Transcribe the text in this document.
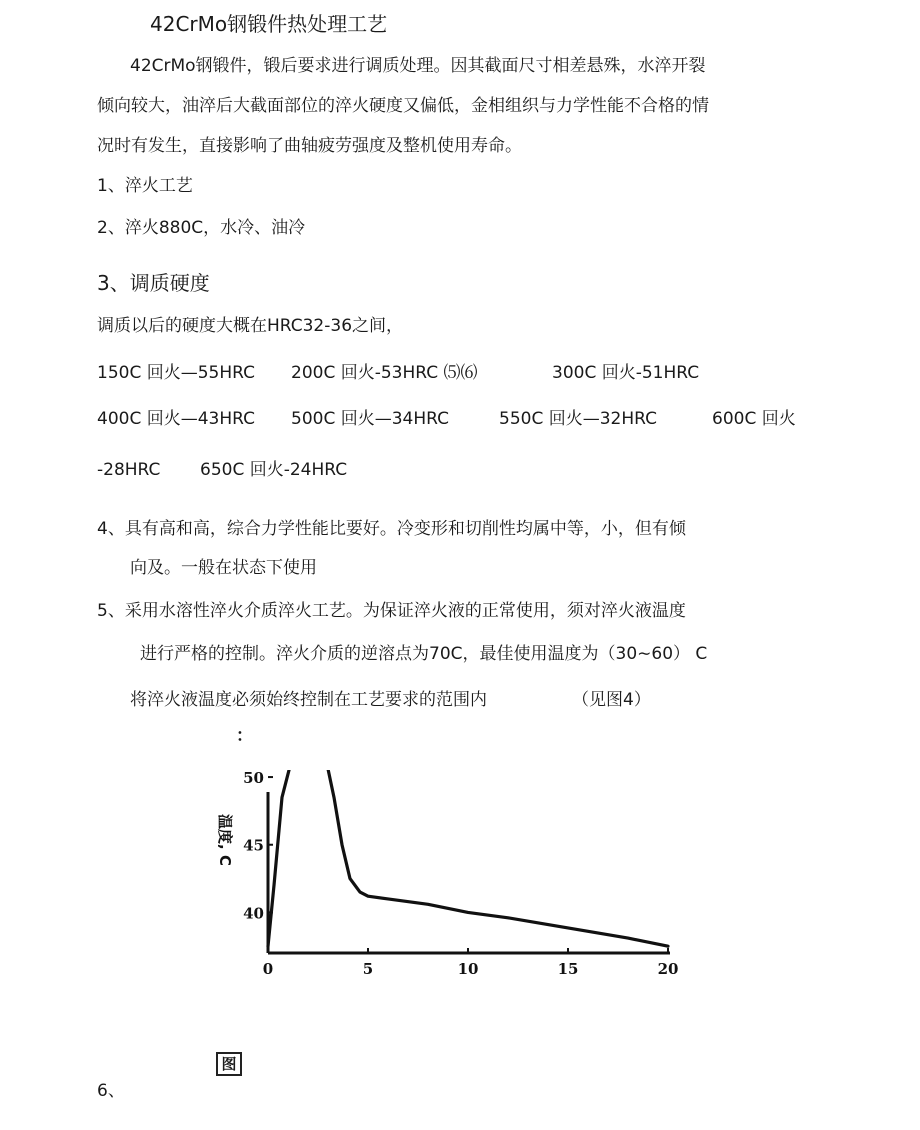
42CrMo钢锻件热处理工艺
42CrMo钢锻件，锻后要求进行调质处理。因其截面尺寸相差悬殊，水淬开裂
倾向较大，油淬后大截面部位的淬火硬度又偏低，金相组织与力学性能不合格的情
况时有发生，直接影响了曲轴疲劳强度及整机使用寿命。
1、淬火工艺
2、淬火880C，水冷、油冷
3、调质硬度
调质以后的硬度大概在HRC32-36之间，
150C 回火—55HRC 200C 回火-53HRC ⑸⑹	300C 回火-51HRC
400C 回火—43HRC 500C 回火—34HRC	550C 回火—32HRC	600C 回火
-28HRC 650C 回火-24HRC
4、具有高和高，综合力学性能比要好。冷变形和切削性均属中等，小，但有倾
向及。一般在状态下使用
5、采用水溶性淬火介质淬火工艺。为保证淬火液的正常使用，须对淬火液温度
进行严格的控制。淬火介质的逆溶点为70C，最佳使用温度为（30∼60） C
将淬火液温度必须始终控制在工艺要求的范围内	（见图4）
：
0	5	10	15	20
40
45
50
温度, C
图
6、
